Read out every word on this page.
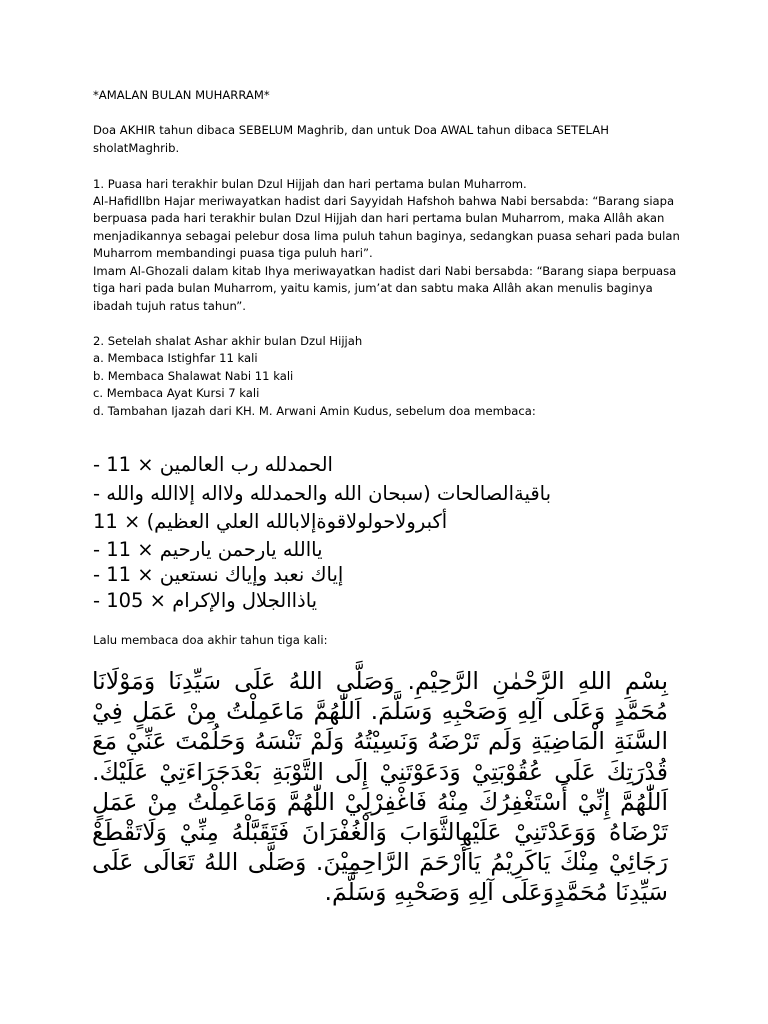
*AMALAN BULAN MUHARRAM*
Doa AKHIR tahun dibaca SEBELUM Maghrib, dan untuk Doa AWAL tahun dibaca SETELAH
sholatMaghrib.
1. Puasa hari terakhir bulan Dzul Hijjah dan hari pertama bulan Muharrom.
Al-HafidlIbn Hajar meriwayatkan hadist dari Sayyidah Hafshoh bahwa Nabi bersabda: “Barang siapa
berpuasa pada hari terakhir bulan Dzul Hijjah dan hari pertama bulan Muharrom, maka Allâh akan
menjadikannya sebagai pelebur dosa lima puluh tahun baginya, sedangkan puasa sehari pada bulan
Muharrom membandingi puasa tiga puluh hari”.
Imam Al-Ghozali dalam kitab Ihya meriwayatkan hadist dari Nabi bersabda: “Barang siapa berpuasa
tiga hari pada bulan Muharrom, yaitu kamis, jum’at dan sabtu maka Allâh akan menulis baginya
ibadah tujuh ratus tahun”.
2. Setelah shalat Ashar akhir bulan Dzul Hijjah
a. Membaca Istighfar 11 kali
b. Membaca Shalawat Nabi 11 kali
c. Membaca Ayat Kursi 7 kali
d. Tambahan Ijazah dari KH. M. Arwani Amin Kudus, sebelum doa membaca:
- 11 × الحمدلله رب العالمين
- باقيةالصالحات (سبحان الله والحمدلله ولااله إلاالله والله
11 × أكبرولاحولولاقوةإلابالله العلي العظيم)
- 11 × ياالله يارحمن يارحيم
- 11 × إياك نعبد وإياك نستعين
- 105 × ياذاالجلال والإكرام
Lalu membaca doa akhir tahun tiga kali:
بِسْمِ اللهِ الرَّحْمٰنِ الرَّحِيْمِ. وَصَلَّى اللهُ عَلَى سَيِّدِنَا وَمَوْلَانَا مُحَمَّدٍ وَعَلَى آلِهِ وَصَحْبِهِ وَسَلَّمَ. اَللّٰهُمَّ مَاعَمِلْتُ مِنْ عَمَلٍ فِيْ السَّنَةِ الْمَاضِيَةِ وَلَم تَرْضَهُ وَنَسِيْتُهُ وَلَمْ تَنْسَهُ وَحَلُمْتَ عَنِّيْ مَعَ قُدْرَتِكَ عَلَى عُقُوْبَتِيْ وَدَعَوْتَنِيْ إِلَى التَّوْبَةِ بَعْدَجَرَاءَتِيْ عَلَيْكَ. اَللّٰهُمَّ إِنِّيْ أَسْتَغْفِرُكَ مِنْهُ فَاغْفِرْلِيْ اللّٰهُمَّ وَمَاعَمِلْتُ مِنْ عَمَلٍ تَرْضَاهُ وَوَعَدْتَنِيْ عَلَيْهِالثَّوَابَ وَالْغُفْرَانَ فَتَقَبَّلْهُ مِنِّيْ وَلَاتَقْطَعْ رَجَائِيْ مِنْكَ يَاكَرِيْمُ يَاأَرْحَمَ الرَّاحِمِيْنَ. وَصَلَّى اللهُ تَعَالَى عَلَى سَيِّدِنَا مُحَمَّدٍوَعَلَى آلِهِ وَصَحْبِهِ وَسَلَّمَ.
